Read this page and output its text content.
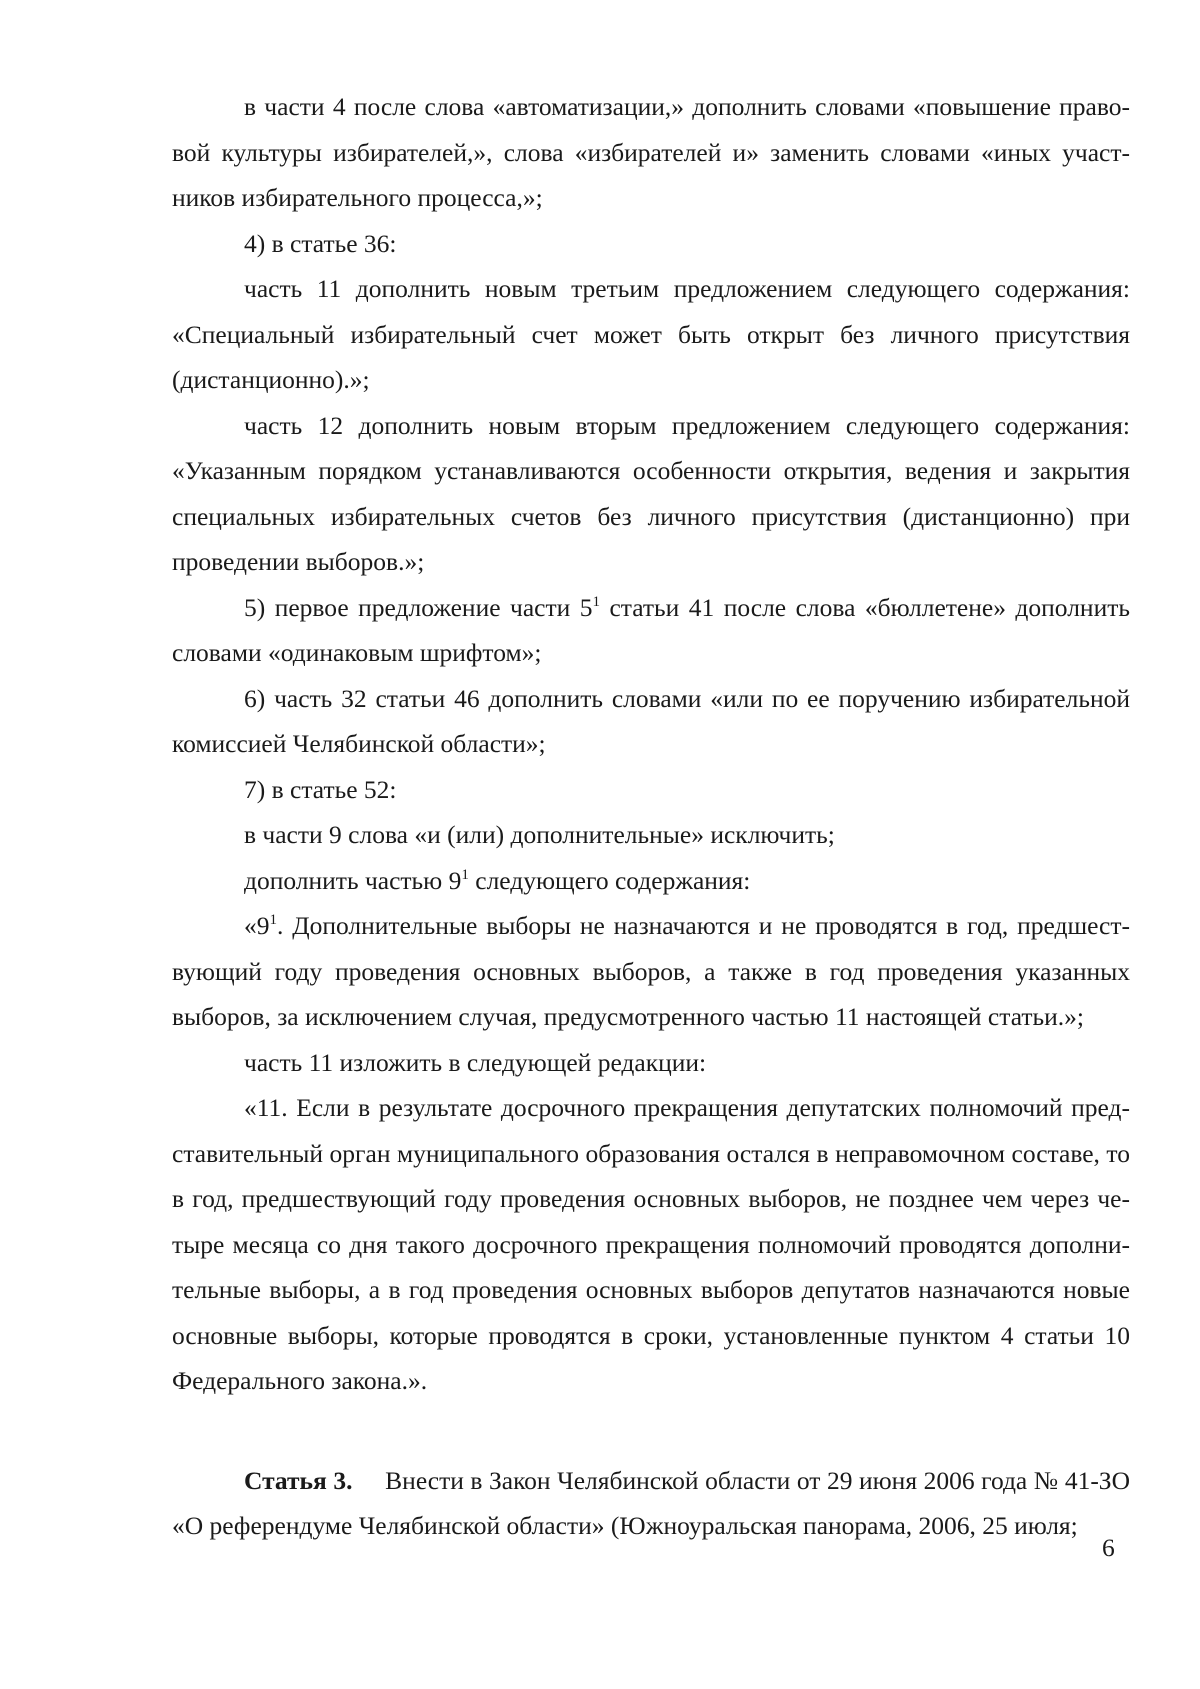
в части 4 после слова «автоматизации,» дополнить словами «повышение правовой культуры избирателей,», слова «избирателей и» заменить словами «иных участников избирательного процесса,»;

4) в статье 36:

часть 11 дополнить новым третьим предложением следующего содержания: «Специальный избирательный счет может быть открыт без личного присутствия (дистанционно).»;

часть 12 дополнить новым вторым предложением следующего содержания: «Указанным порядком устанавливаются особенности открытия, ведения и закрытия специальных избирательных счетов без личного присутствия (дистанционно) при проведении выборов.»;

5) первое предложение части $5^1$ статьи 41 после слова «бюллетене» дополнить словами «одинаковым шрифтом»;

6) часть 32 статьи 46 дополнить словами «или по ее поручению избирательной комиссией Челябинской области»;

7) в статье 52:

в части 9 слова «и (или) дополнительные» исключить;

дополнить частью $9^1$ следующего содержания:

«$9^1$. Дополнительные выборы не назначаются и не проводятся в год, предшествующий году проведения основных выборов, а также в год проведения указанных выборов, за исключением случая, предусмотренного частью 11 настоящей статьи.»;

часть 11 изложить в следующей редакции:

«11. Если в результате досрочного прекращения депутатских полномочий представительный орган муниципального образования остался в неправомочном составе, то в год, предшествующий году проведения основных выборов, не позднее чем через четыре месяца со дня такого досрочного прекращения полномочий проводятся дополнительные выборы, а в год проведения основных выборов депутатов назначаются новые основные выборы, которые проводятся в сроки, установленные пунктом 4 статьи 10 Федерального закона.».

Статья 3. Внести в Закон Челябинской области от 29 июня 2006 года № 41-ЗО «О референдуме Челябинской области» (Южноуральская панорама, 2006, 25 июля;

6
